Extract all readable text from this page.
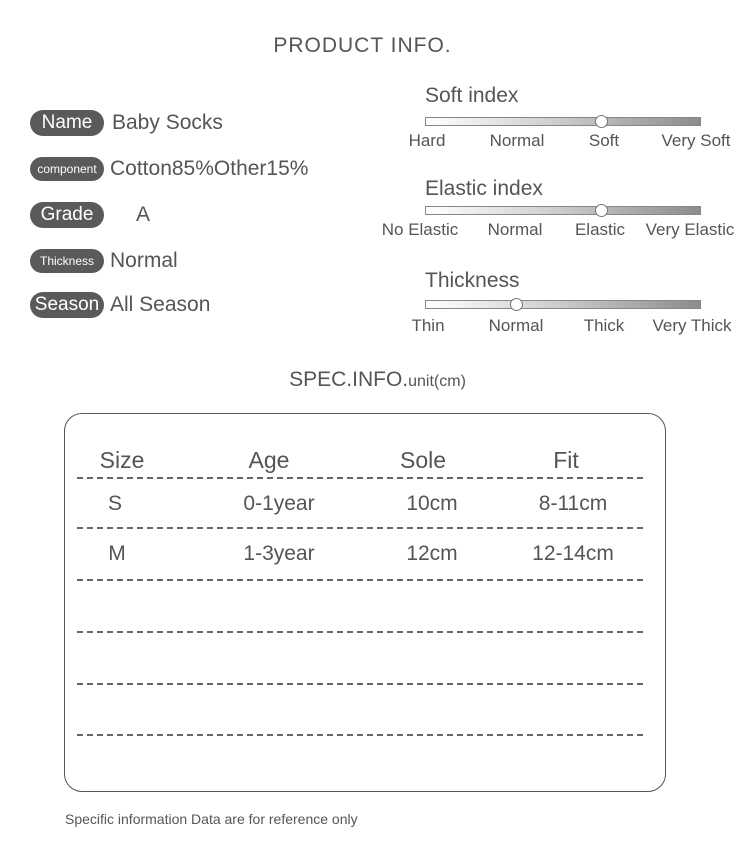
PRODUCT INFO.
Name Baby Socks
component Cotton85%Other15%
Grade	A
Thickness Normal
Season All Season
Soft index
Hard	Normal	Soft Very Soft
Elastic index
No Elastic Normal Elastic Very Elastic
Thickness
Thin	Normal Thick Very Thick
SPEC.INFO.unit(cm)
Size	Age	Sole	Fit
S	0-1year	10cm	8-11cm
M	1-3year	12cm	12-14cm
Specific information Data are for reference only
